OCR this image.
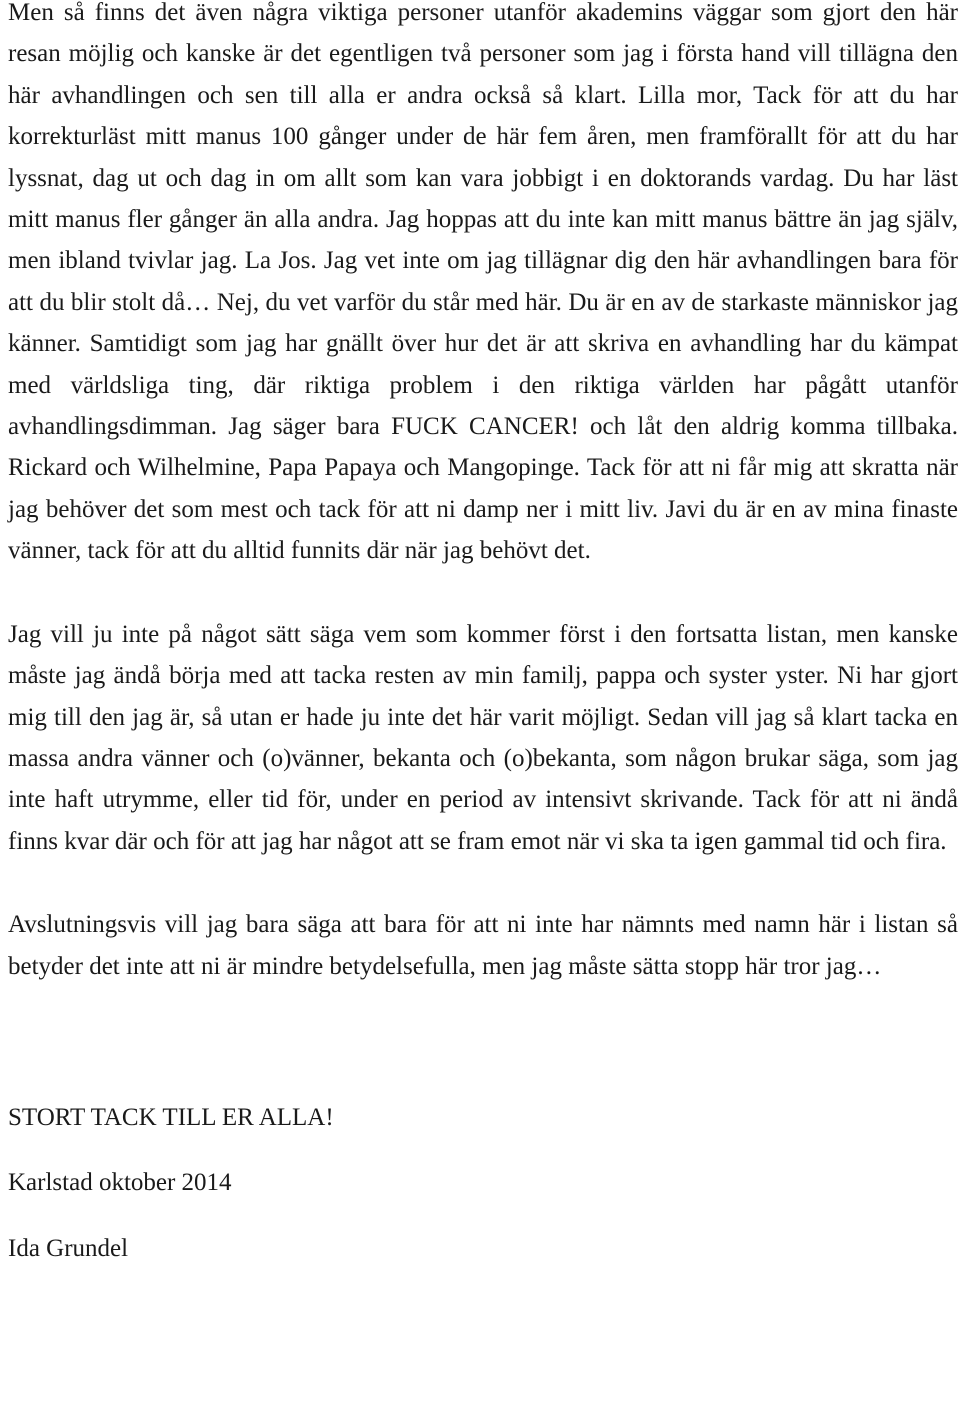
Men så finns det även några viktiga personer utanför akademins väggar som gjort den här resan möjlig och kanske är det egentligen två personer som jag i första hand vill tillägna den här avhandlingen och sen till alla er andra också så klart. Lilla mor, Tack för att du har korrekturläst mitt manus 100 gånger under de här fem åren, men framförallt för att du har lyssnat, dag ut och dag in om allt som kan vara jobbigt i en doktorands vardag. Du har läst mitt manus fler gånger än alla andra. Jag hoppas att du inte kan mitt manus bättre än jag själv, men ibland tvivlar jag. La Jos. Jag vet inte om jag tillägnar dig den här avhandlingen bara för att du blir stolt då… Nej, du vet varför du står med här. Du är en av de starkaste människor jag känner. Samtidigt som jag har gnällt över hur det är att skriva en avhandling har du kämpat med världsliga ting, där riktiga problem i den riktiga världen har pågått utanför avhandlingsdimman. Jag säger bara FUCK CANCER! och låt den aldrig komma tillbaka. Rickard och Wilhelmine, Papa Papaya och Mangopinge. Tack för att ni får mig att skratta när jag behöver det som mest och tack för att ni damp ner i mitt liv. Javi du är en av mina finaste vänner, tack för att du alltid funnits där när jag behövt det.

Jag vill ju inte på något sätt säga vem som kommer först i den fortsatta listan, men kanske måste jag ändå börja med att tacka resten av min familj, pappa och syster yster. Ni har gjort mig till den jag är, så utan er hade ju inte det här varit möjligt. Sedan vill jag så klart tacka en massa andra vänner och (o)vänner, bekanta och (o)bekanta, som någon brukar säga, som jag inte haft utrymme, eller tid för, under en period av intensivt skrivande. Tack för att ni ändå finns kvar där och för att jag har något att se fram emot när vi ska ta igen gammal tid och fira.

Avslutningsvis vill jag bara säga att bara för att ni inte har nämnts med namn här i listan så betyder det inte att ni är mindre betydelsefulla, men jag måste sätta stopp här tror jag…

STORT TACK TILL ER ALLA!

Karlstad oktober 2014

Ida Grundel
